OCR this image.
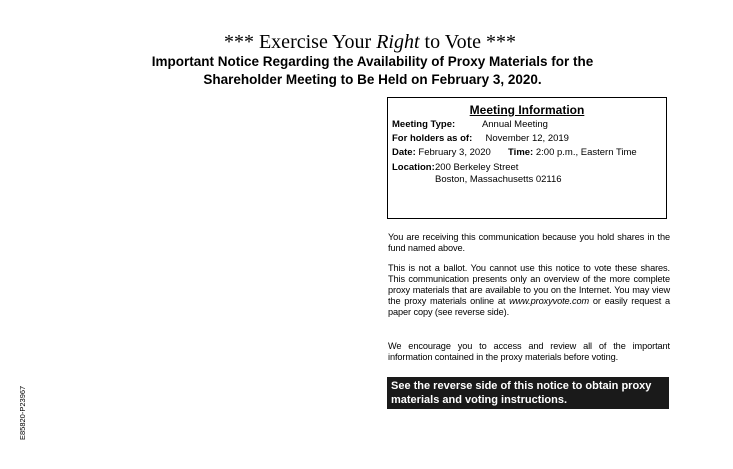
*** Exercise Your Right to Vote ***
Important Notice Regarding the Availability of Proxy Materials for the
Shareholder Meeting to Be Held on February 3, 2020.
Meeting Information
Meeting Type:	Annual Meeting
For holders as of: November 12, 2019
Date: February 3, 2020 Time: 2:00 p.m., Eastern Time
Location: 200 Berkeley Street
Boston, Massachusetts 02116
You are receiving this communication because you hold shares in the fund named above.
This is not a ballot. You cannot use this notice to vote these shares. This communication presents only an overview of the more complete proxy materials that are available to you on the Internet. You may view the proxy materials online at www.proxyvote.com or easily request a paper copy (see reverse side).
We encourage you to access and review all of the important information contained in the proxy materials before voting.
See the reverse side of this notice to obtain proxy materials and voting instructions.
E85820-P23967
